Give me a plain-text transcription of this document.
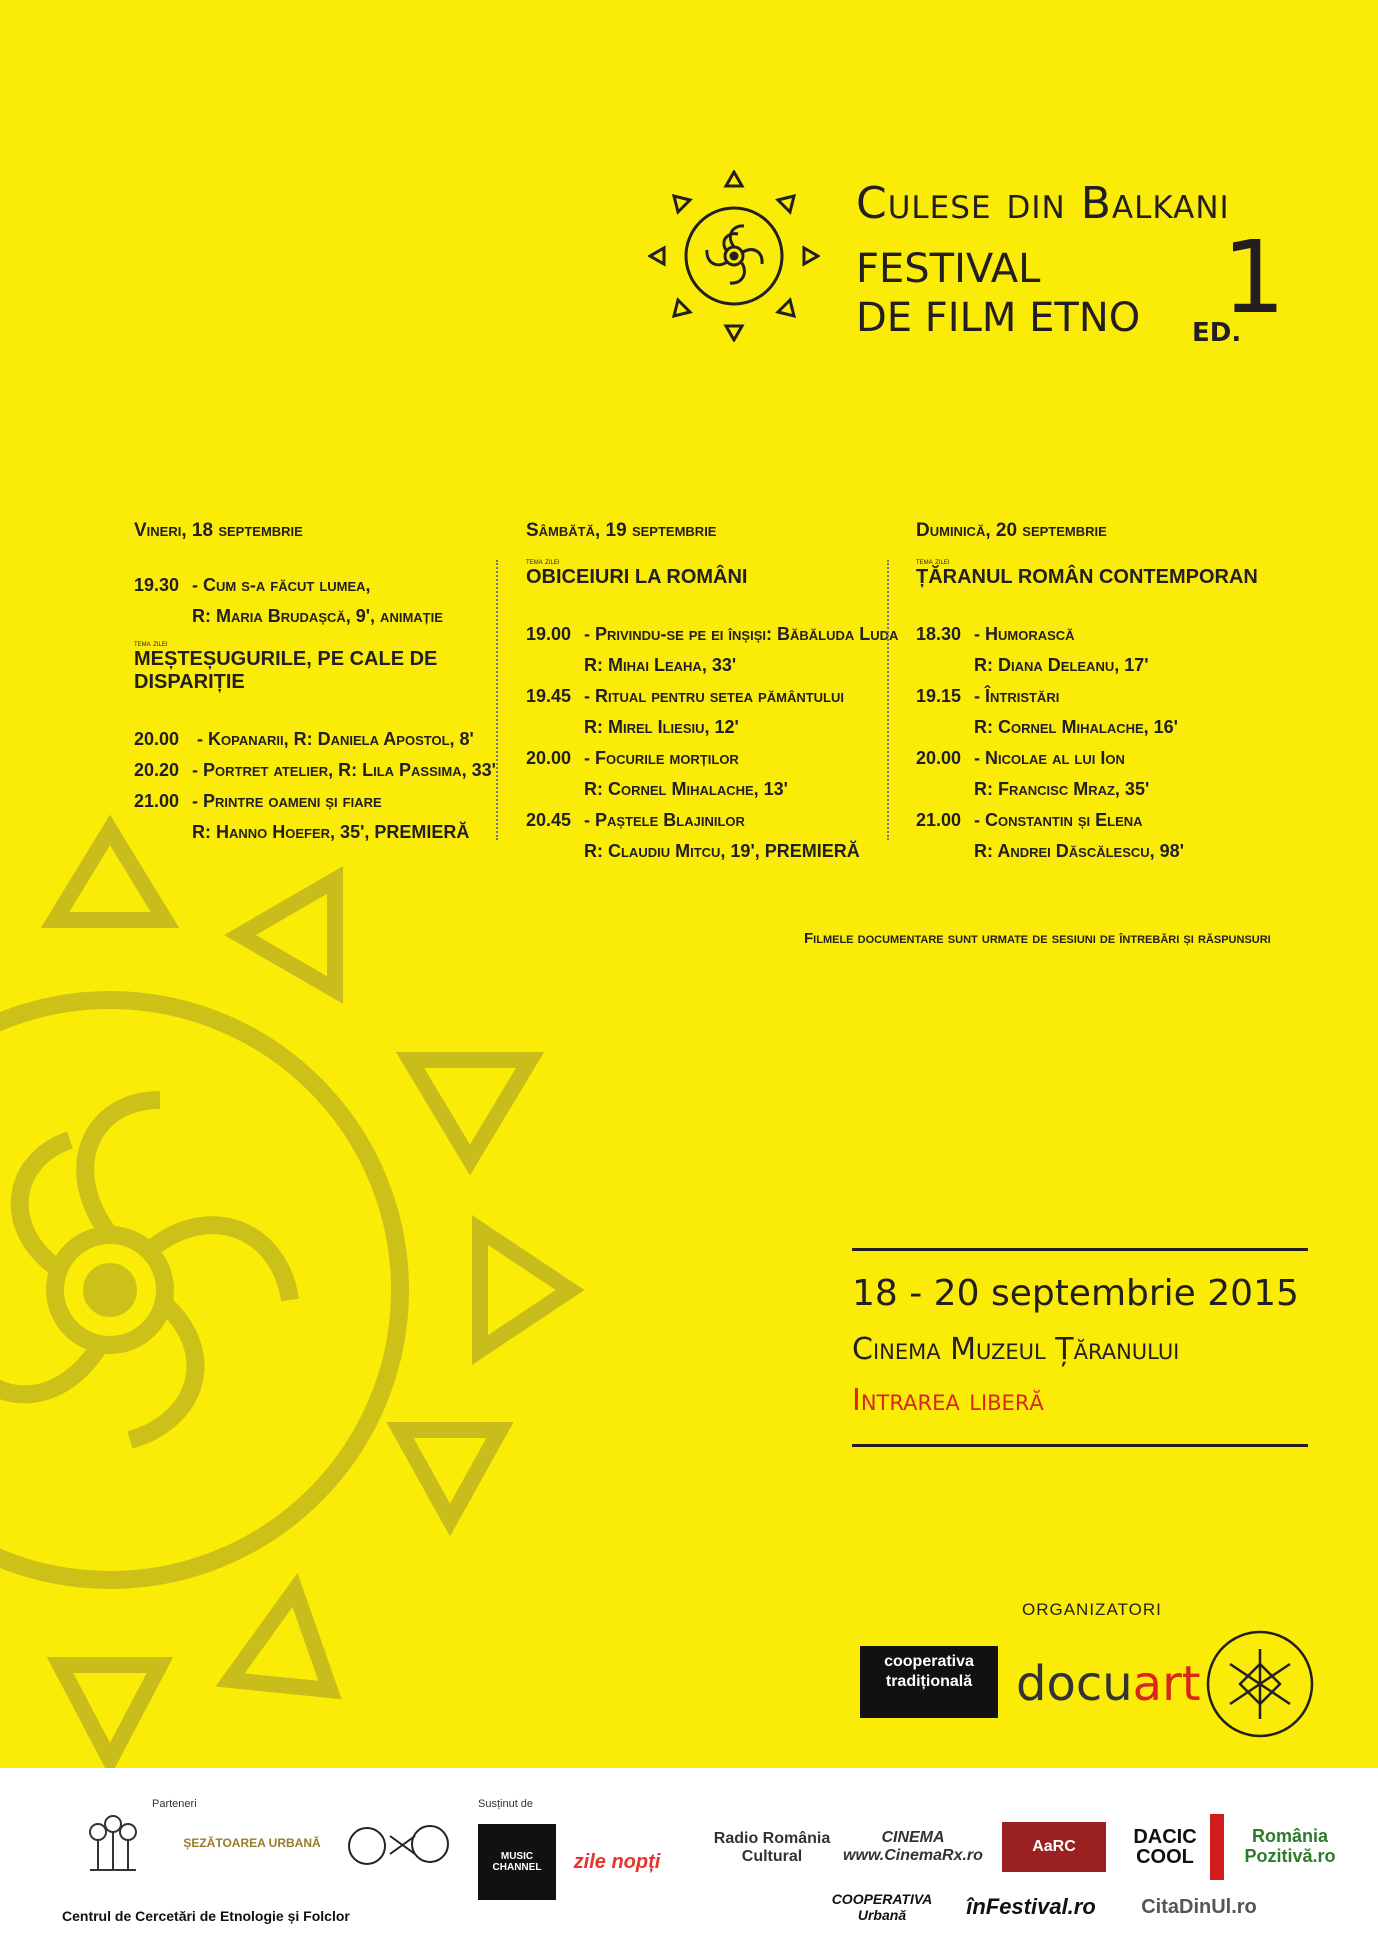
Culese din Balkani
FESTIVAL
DE FILM ETNO ED.
1
Vineri, 18 septembrie
19.30 - Cum s-a făcut lumea,
R: Maria Brudașcă, 9', animație
tema zilei
MEȘTEȘUGURILE, PE CALE DE DISPARIȚIE
20.00 - Kopanarii, R: Daniela Apostol, 8'
20.20 - Portret atelier, R: Lila Passima, 33'
21.00 - Printre oameni și fiare
R: Hanno Hoefer, 35', PREMIERĂ
Sâmbătă, 19 septembrie
tema zilei
OBICEIURI LA ROMÂNI
19.00 - Privindu-se pe ei înșiși: Băbăluda Luda
R: Mihai Leaha, 33'
19.45 - Ritual pentru setea pământului
R: Mirel Iliesiu, 12'
20.00 - Focurile morților
R: Cornel Mihalache, 13'
20.45 - Paștele Blajinilor
R: Claudiu Mitcu, 19', PREMIERĂ
Duminică, 20 septembrie
tema zilei
ȚĂRANUL ROMÂN CONTEMPORAN
18.30 - Humorască
R: Diana Deleanu, 17'
19.15 - Întristări
R: Cornel Mihalache, 16'
20.00 - Nicolae al lui Ion
R: Francisc Mraz, 35'
21.00 - Constantin și Elena
R: Andrei Dăscălescu, 98'
Filmele documentare sunt urmate de sesiuni de întrebări și răspunsuri
18 - 20 septembrie 2015
Cinema Muzeul Țăranului
Intrarea liberă
ORGANIZATORI
cooperativa tradițională docuart
Parteneri	Susținut de
ȘEZĂTOAREA URBANĂ
MUSIC CHANNEL	zile nopți
Radio România Cultural
CINEMA www.CinemaRx.ro
AaRC	DACIC COOL
România Pozitivă.ro
COOPERATIVA Urbană	înFestival.ro	CitaDinUl.ro
Centrul de Cercetări de Etnologie și Folclor
